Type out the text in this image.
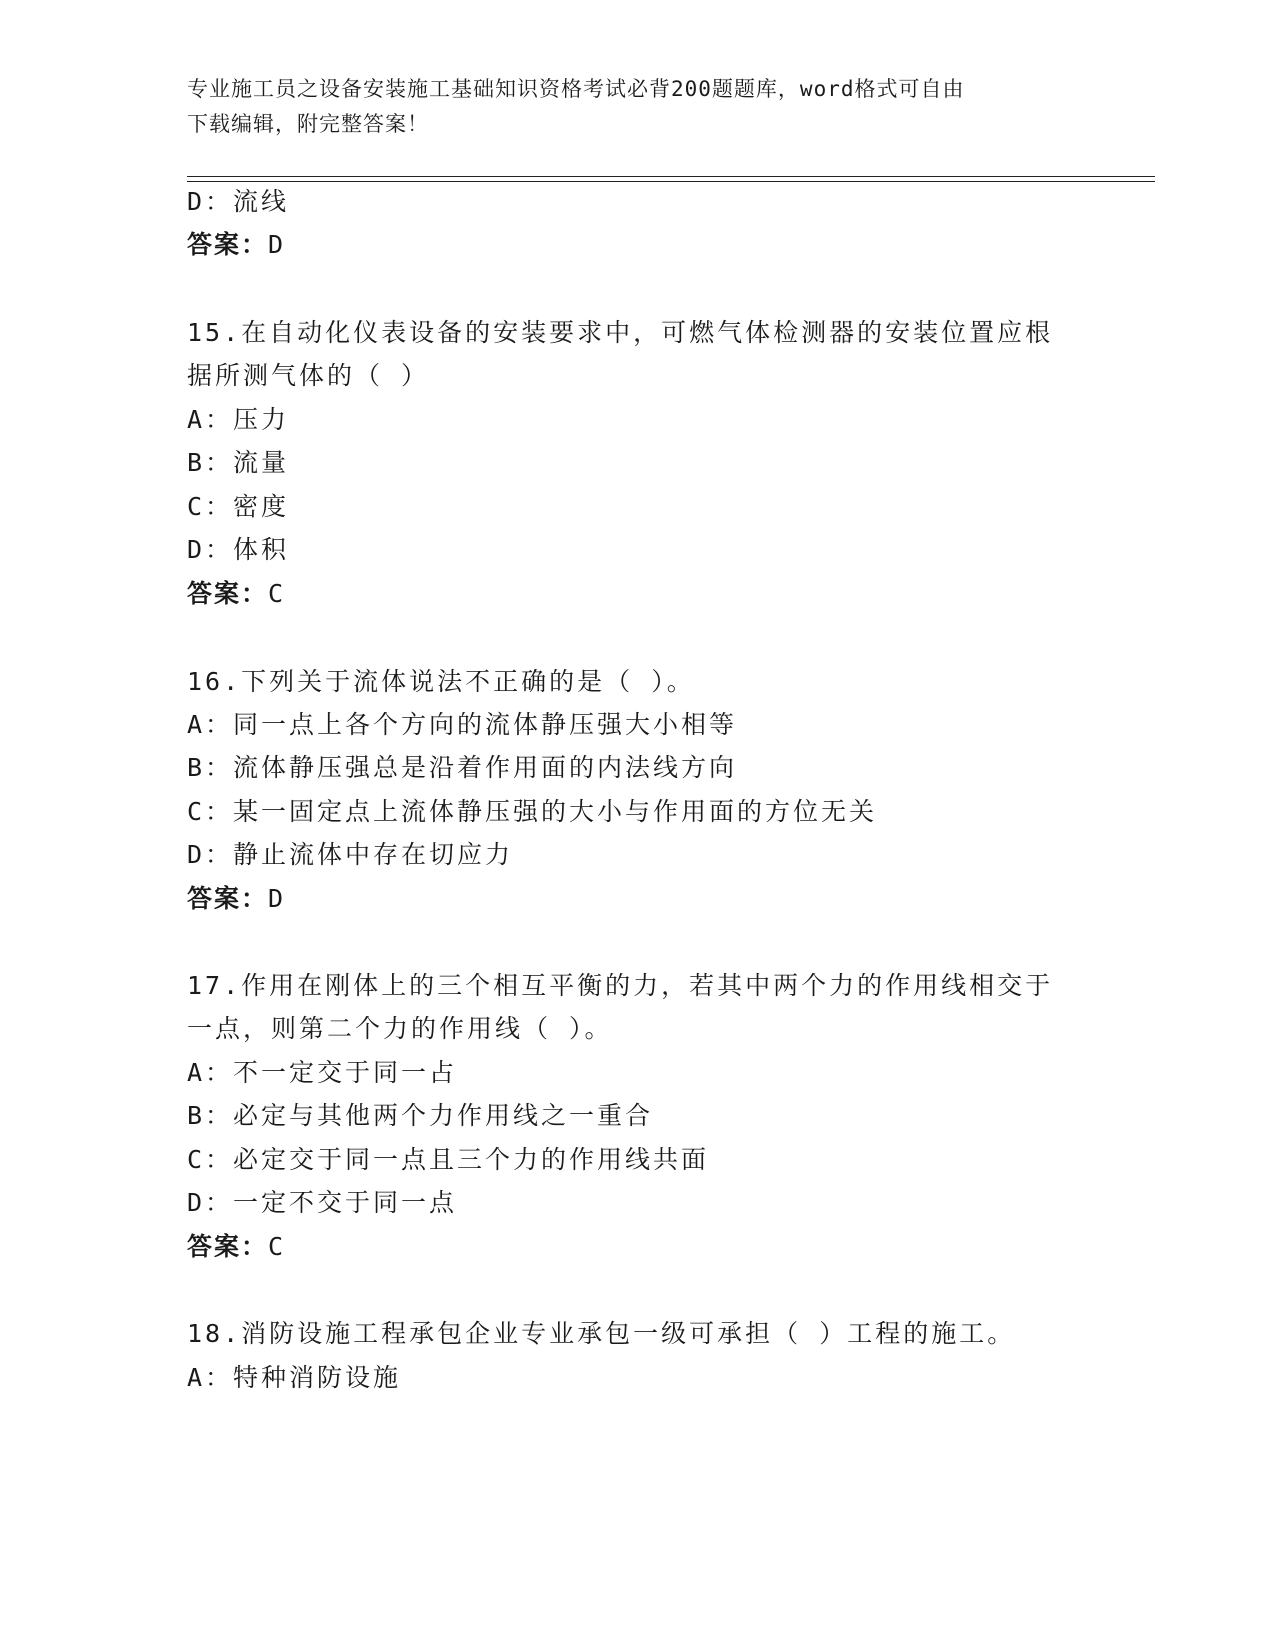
专业施工员之设备安装施工基础知识资格考试必背200题题库，word格式可自由
下载编辑，附完整答案！
D：流线
答案：D
15.在自动化仪表设备的安装要求中，可燃气体检测器的安装位置应根
据所测气体的（ ）
A：压力
B：流量
C：密度
D：体积
答案：C
16.下列关于流体说法不正确的是（ ）。
A：同一点上各个方向的流体静压强大小相等
B：流体静压强总是沿着作用面的内法线方向
C：某一固定点上流体静压强的大小与作用面的方位无关
D：静止流体中存在切应力
答案：D
17.作用在刚体上的三个相互平衡的力，若其中两个力的作用线相交于
一点，则第二个力的作用线（ ）。
A：不一定交于同一占
B：必定与其他两个力作用线之一重合
C：必定交于同一点且三个力的作用线共面
D：一定不交于同一点
答案：C
18.消防设施工程承包企业专业承包一级可承担（ ）工程的施工。
A：特种消防设施
